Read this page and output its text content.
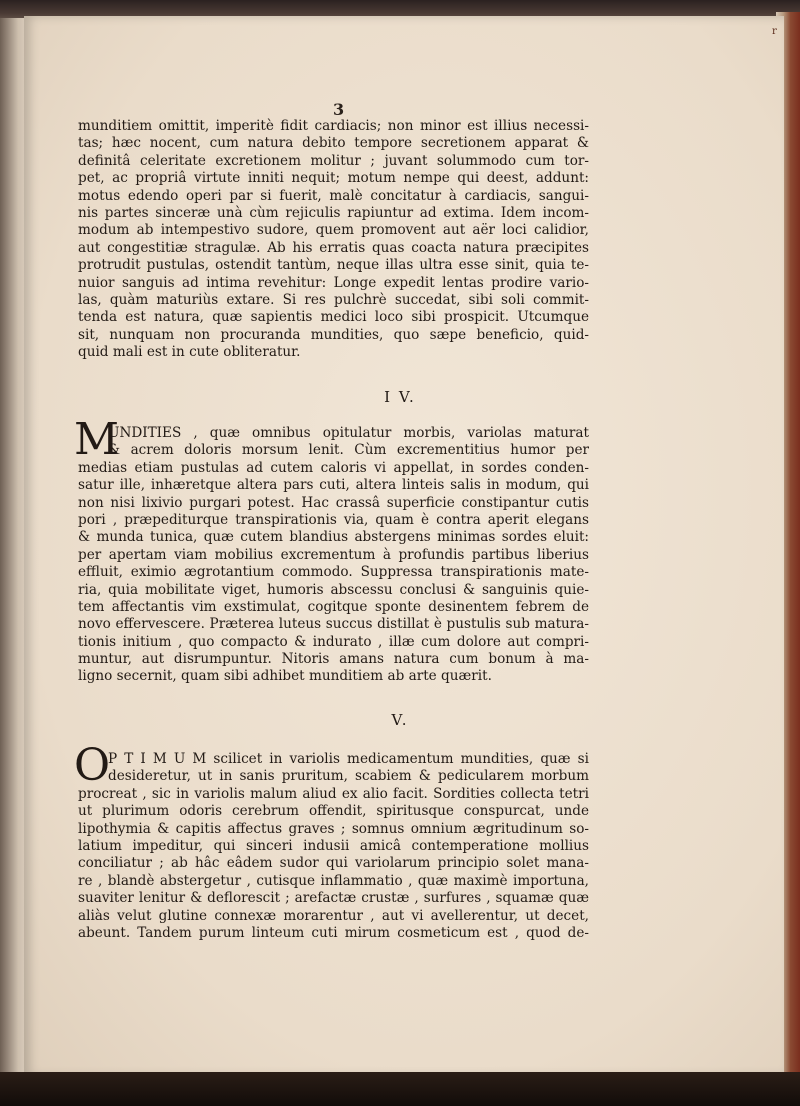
r
3
munditiem omittit, imperitè fidit cardiacis; non minor est illius necessi-
tas; hæc nocent, cum natura debito tempore secretionem apparat &
definitâ celeritate excretionem molitur ; juvant solummodo cum tor-
pet, ac propriâ virtute inniti nequit; motum nempe qui deest, addunt:
motus edendo operi par si fuerit, malè concitatur à cardiacis, sangui-
nis partes sinceræ unà cùm rejiculis rapiuntur ad extima. Idem incom-
modum ab intempestivo sudore, quem promovent aut aër loci calidior,
aut congestitiæ stragulæ. Ab his erratis quas coacta natura præcipites
protrudit pustulas, ostendit tantùm, neque illas ultra esse sinit, quia te-
nuior sanguis ad intima revehitur: Longe expedit lentas prodire vario-
las, quàm maturiùs extare. Si res pulchrè succedat, sibi soli commit-
tenda est natura, quæ sapientis medici loco sibi prospicit. Utcumque
sit, nunquam non procuranda mundities, quo sæpe beneficio, quid-
quid mali est in cute obliteratur.
I V.
M
UNDITIES , quæ omnibus opitulatur morbis, variolas maturat
& acrem doloris morsum lenit. Cùm excrementitius humor per
medias etiam pustulas ad cutem caloris vi appellat, in sordes conden-
satur ille, inhæretque altera pars cuti, altera linteis salis in modum, qui
non nisi lixivio purgari potest. Hac crassâ superficie constipantur cutis
pori , præpediturque transpirationis via, quam è contra aperit elegans
& munda tunica, quæ cutem blandius abstergens minimas sordes eluit:
per apertam viam mobilius excrementum à profundis partibus liberius
effluit, eximio ægrotantium commodo. Suppressa transpirationis mate-
ria, quia mobilitate viget, humoris abscessu conclusi & sanguinis quie-
tem affectantis vim exstimulat, cogitque sponte desinentem febrem de
novo effervescere. Præterea luteus succus distillat è pustulis sub matura-
tionis initium , quo compacto & indurato , illæ cum dolore aut compri-
muntur, aut disrumpuntur. Nitoris amans natura cum bonum à ma-
ligno secernit, quam sibi adhibet munditiem ab arte quærit.
V.
O
P T I M U M scilicet in variolis medicamentum mundities, quæ si
desideretur, ut in sanis pruritum, scabiem & pedicularem morbum
procreat , sic in variolis malum aliud ex alio facit. Sordities collecta tetri
ut plurimum odoris cerebrum offendit, spiritusque conspurcat, unde
lipothymia & capitis affectus graves ; somnus omnium ægritudinum so-
latium impeditur, qui sinceri indusii amicâ contemperatione mollius
conciliatur ; ab hâc eâdem sudor qui variolarum principio solet mana-
re , blandè abstergetur , cutisque inflammatio , quæ maximè importuna,
suaviter lenitur & deflorescit ; arefactæ crustæ , surfures , squamæ quæ
aliàs velut glutine connexæ morarentur , aut vi avellerentur, ut decet,
abeunt. Tandem purum linteum cuti mirum cosmeticum est , quod de-
